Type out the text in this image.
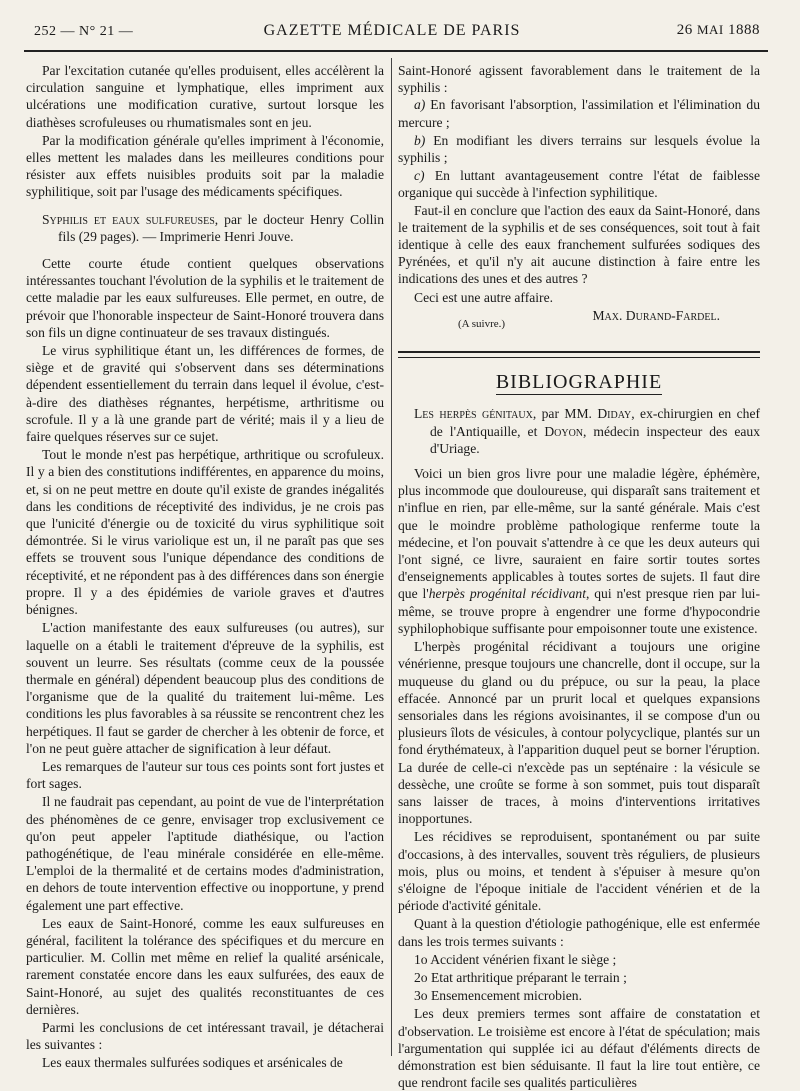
252 — N° 21 —	GAZETTE MÉDICALE DE PARIS	26 MAI 1888

Par l'excitation cutanée qu'elles produisent, elles accélèrent la circulation sanguine et lymphatique, elles impriment aux ulcérations une modification curative, surtout lorsque les diathèses scrofuleuses ou rhumatismales sont en jeu.

Par la modification générale qu'elles impriment à l'économie, elles mettent les malades dans les meilleures conditions pour résister aux effets nuisibles produits soit par la maladie syphilitique, soit par l'usage des médicaments spécifiques.

Syphilis et eaux sulfureuses, par le docteur Henry Collin fils (29 pages). — Imprimerie Henri Jouve.

Cette courte étude contient quelques observations intéressantes touchant l'évolution de la syphilis et le traitement de cette maladie par les eaux sulfureuses. Elle permet, en outre, de prévoir que l'honorable inspecteur de Saint-Honoré trouvera dans son fils un digne continuateur de ses travaux distingués.

Le virus syphilitique étant un, les différences de formes, de siège et de gravité qui s'observent dans ses déterminations dépendent essentiellement du terrain dans lequel il évolue, c'est-à-dire des diathèses régnantes, herpétisme, arthritisme ou scrofule. Il y a là une grande part de vérité; mais il y a lieu de faire quelques réserves sur ce sujet.

Tout le monde n'est pas herpétique, arthritique ou scrofuleux. Il y a bien des constitutions indifférentes, en apparence du moins, et, si on ne peut mettre en doute qu'il existe de grandes inégalités dans les conditions de réceptivité des individus, je ne crois pas que l'unicité d'énergie ou de toxicité du virus syphilitique soit démontrée. Si le virus variolique est un, il ne paraît pas que ses effets se trouvent sous l'unique dépendance des conditions de réceptivité, et ne répondent pas à des différences dans son énergie propre. Il y a des épidémies de variole graves et d'autres bénignes.

L'action manifestante des eaux sulfureuses (ou autres), sur laquelle on a établi le traitement d'épreuve de la syphilis, est souvent un leurre. Ses résultats (comme ceux de la poussée thermale en général) dépendent beaucoup plus des conditions de l'organisme que de la qualité du traitement lui-même. Les conditions les plus favorables à sa réussite se rencontrent chez les herpétiques. Il faut se garder de chercher à les obtenir de force, et l'on ne peut guère attacher de signification à leur défaut.

Les remarques de l'auteur sur tous ces points sont fort justes et fort sages.

Il ne faudrait pas cependant, au point de vue de l'interprétation des phénomènes de ce genre, envisager trop exclusivement ce qu'on peut appeler l'aptitude diathésique, ou l'action pathogénétique, de l'eau minérale considérée en elle-même. L'emploi de la thermalité et de certains modes d'administration, en dehors de toute intervention effective ou inopportune, y prend également une part effective.

Les eaux de Saint-Honoré, comme les eaux sulfureuses en général, facilitent la tolérance des spécifiques et du mercure en particulier. M. Collin met même en relief la qualité arsénicale, rarement constatée encore dans les eaux sulfurées, des eaux de Saint-Honoré, au sujet des qualités reconstituantes de ces dernières.

Parmi les conclusions de cet intéressant travail, je détacherai les suivantes :

Les eaux thermales sulfurées sodiques et arsénicales de

Saint-Honoré agissent favorablement dans le traitement de la syphilis :

a) En favorisant l'absorption, l'assimilation et l'élimination du mercure ;

b) En modifiant les divers terrains sur lesquels évolue la syphilis ;

c) En luttant avantageusement contre l'état de faiblesse organique qui succède à l'infection syphilitique.

Faut-il en conclure que l'action des eaux da Saint-Honoré, dans le traitement de la syphilis et de ses conséquences, soit tout à fait identique à celle des eaux franchement sulfurées sodiques des Pyrénées, et qu'il n'y ait aucune distinction à faire entre les indications des unes et des autres ?

Ceci est une autre affaire.

Max. Durand-Fardel.

(A suivre.)

BIBLIOGRAPHIE

Les herpès génitaux, par MM. Diday, ex-chirurgien en chef de l'Antiquaille, et Doyon, médecin inspecteur des eaux d'Uriage.

Voici un bien gros livre pour une maladie légère, éphémère, plus incommode que douloureuse, qui disparaît sans traitement et n'influe en rien, par elle-même, sur la santé générale. Mais c'est que le moindre problème pathologique renferme toute la médecine, et l'on pouvait s'attendre à ce que les deux auteurs qui l'ont signé, ce livre, sauraient en faire sortir toutes sortes d'enseignements applicables à toutes sortes de sujets. Il faut dire que l'herpès progénital récidivant, qui n'est presque rien par lui-même, se trouve propre à engendrer une forme d'hypocondrie syphilophobique suffisante pour empoisonner toute une existence.

L'herpès progénital récidivant a toujours une origine vénérienne, presque toujours une chancrelle, dont il occupe, sur la muqueuse du gland ou du prépuce, ou sur la peau, la place effacée. Annoncé par un prurit local et quelques expansions sensoriales dans les régions avoisinantes, il se compose d'un ou plusieurs îlots de vésicules, à contour polycyclique, plantés sur un fond érythémateux, à l'apparition duquel peut se borner l'éruption. La durée de celle-ci n'excède pas un septénaire : la vésicule se dessèche, une croûte se forme à son sommet, puis tout disparaît sans laisser de traces, à moins d'interventions irritatives inopportunes.

Les récidives se reproduisent, spontanément ou par suite d'occasions, à des intervalles, souvent très réguliers, de plusieurs mois, plus ou moins, et tendent à s'épuiser à mesure qu'on s'éloigne de l'époque initiale de l'accident vénérien et de la période d'activité génitale.

Quant à la question d'étiologie pathogénique, elle est enfermée dans les trois termes suivants :

1o Accident vénérien fixant le siège ;

2o Etat arthritique préparant le terrain ;

3o Ensemencement microbien.

Les deux premiers termes sont affaire de constatation et d'observation. Le troisième est encore à l'état de spéculation; mais l'argumentation qui supplée ici au défaut d'éléments directs de démonstration est bien séduisante. Il faut la lire tout entière, ce que rendront facile ses qualités particulières
